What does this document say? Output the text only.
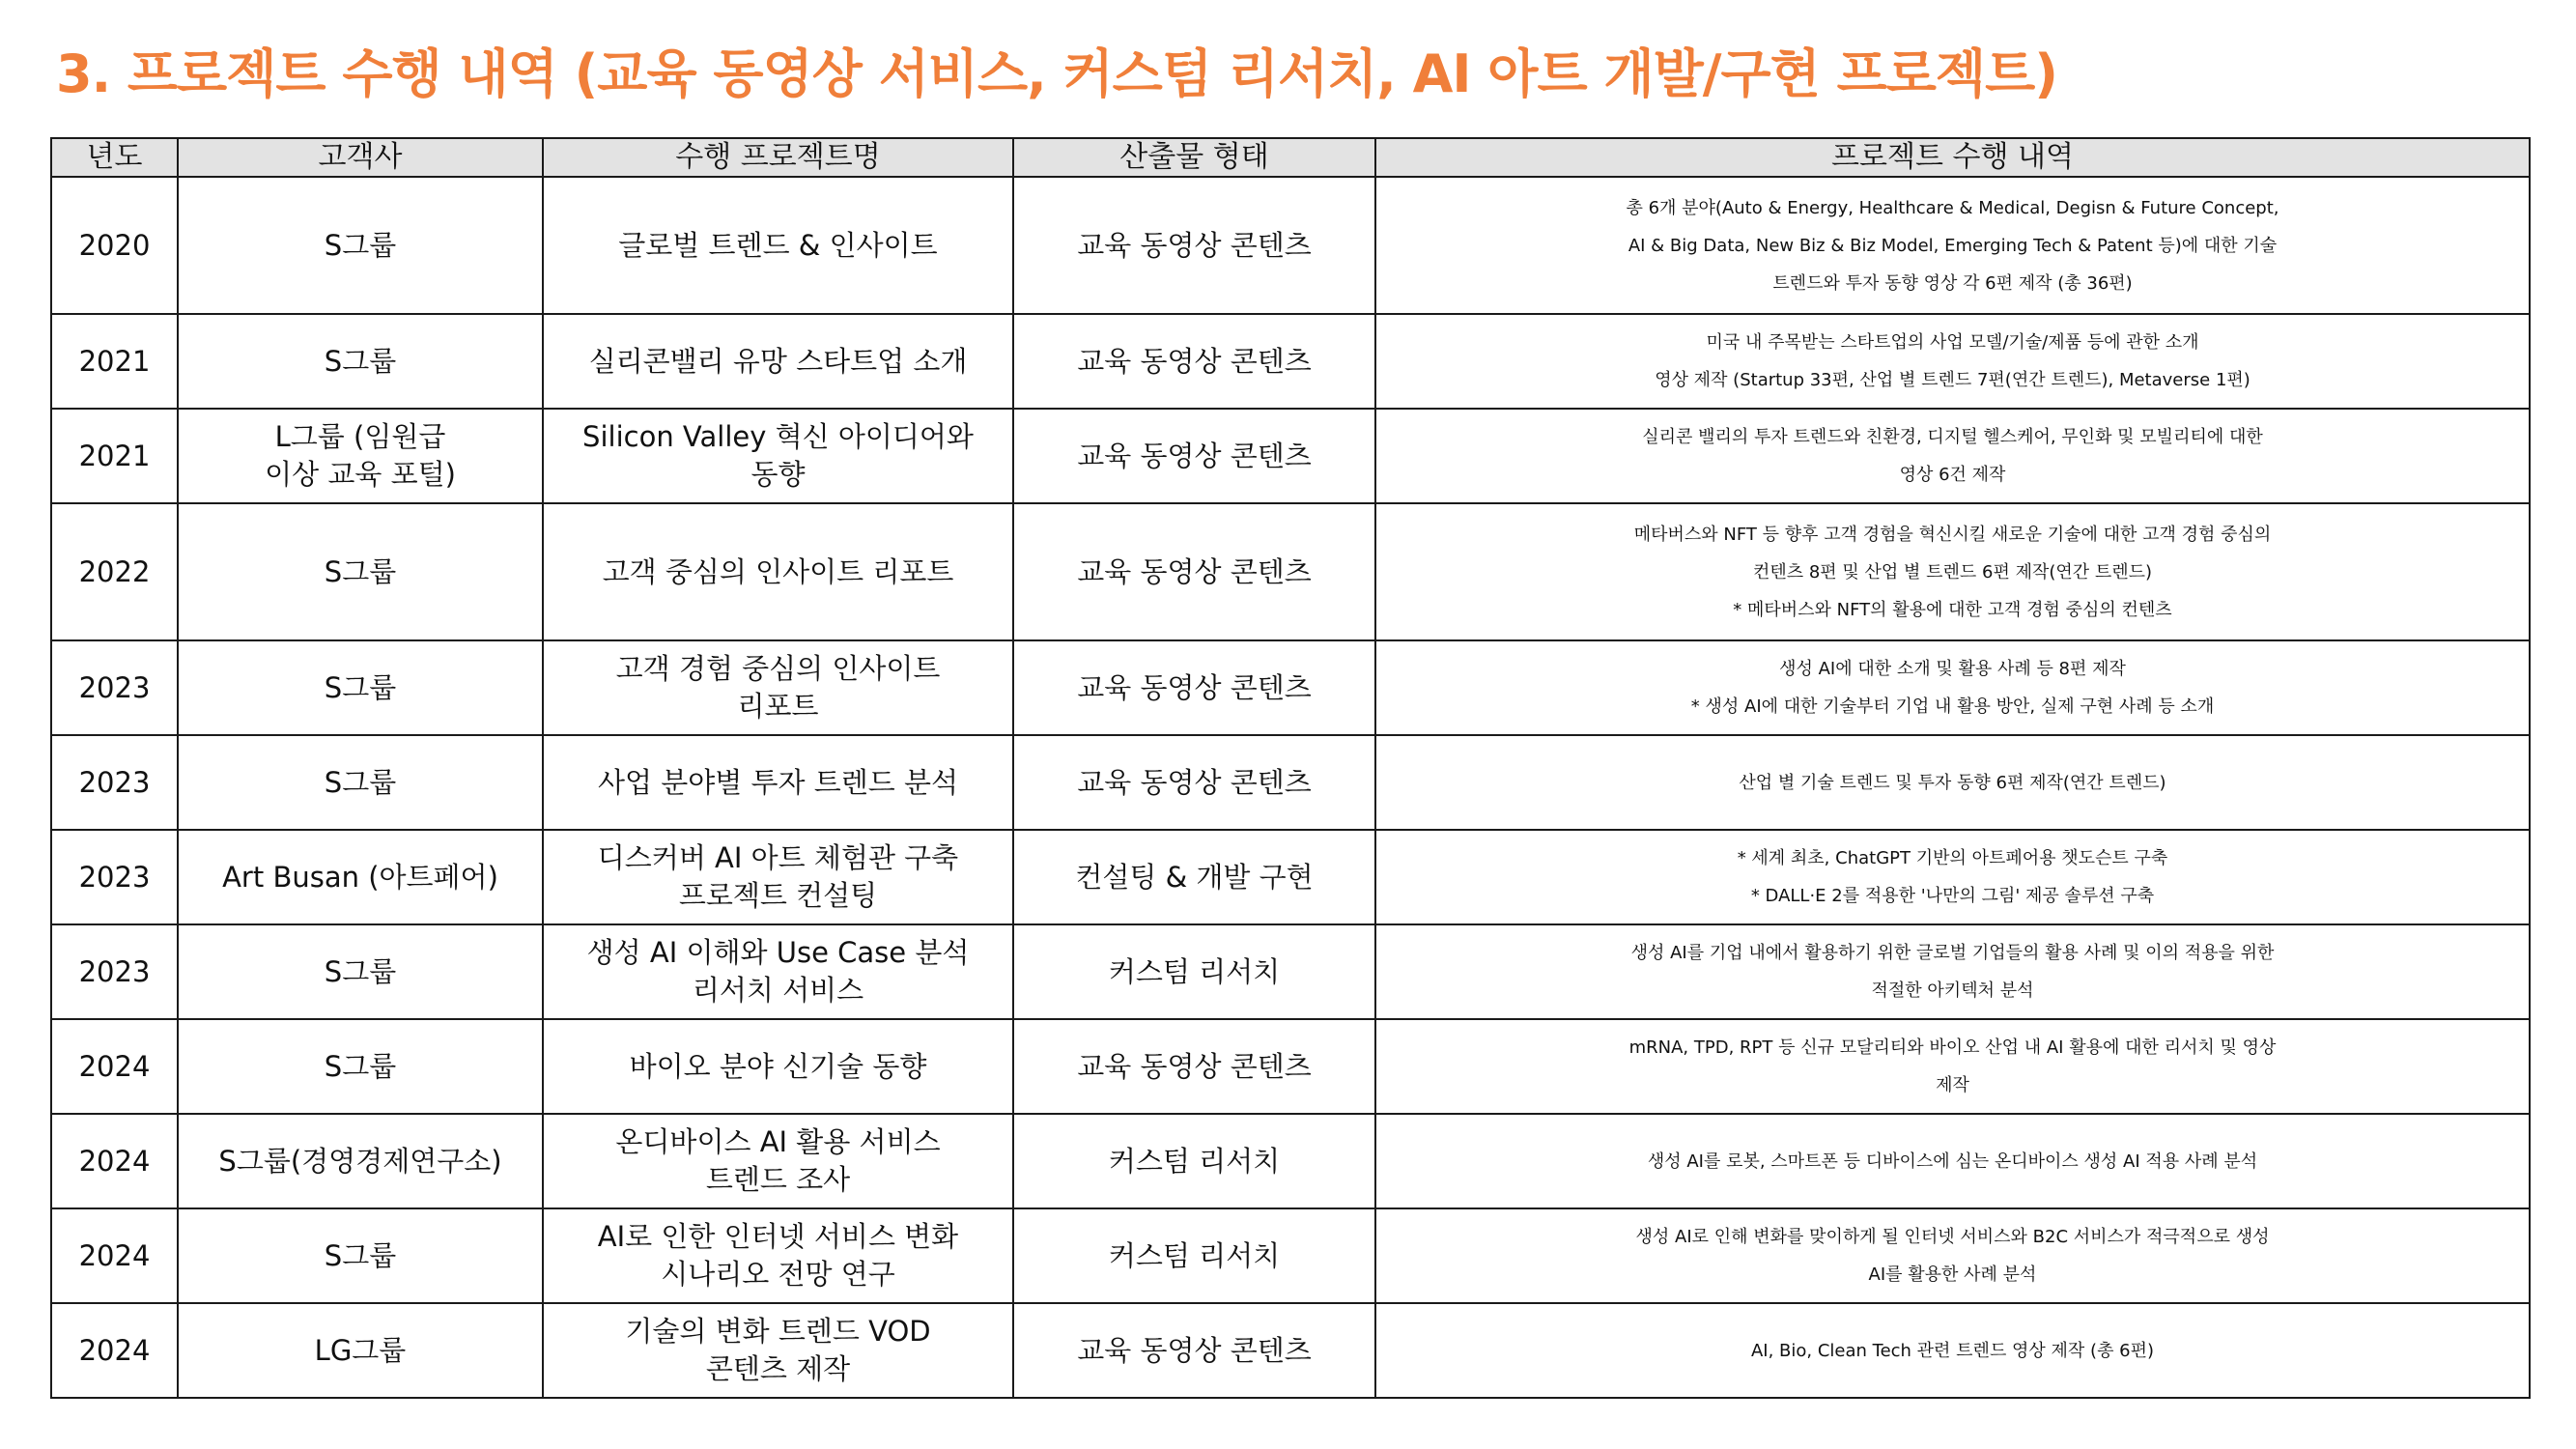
3. 프로젝트 수행 내역 (교육 동영상 서비스, 커스텀 리서치, AI 아트 개발/구현 프로젝트)
년도	고객사	수행 프로젝트명	산출물 형태	프로젝트 수행 내역
2020	S그룹	글로벌 트렌드 & 인사이트	교육 동영상 콘텐츠	총 6개 분야(Auto & Energy, Healthcare & Medical, Degisn & Future Concept,
AI & Big Data, New Biz & Biz Model, Emerging Tech & Patent 등)에 대한 기술
트렌드와 투자 동향 영상 각 6편 제작 (총 36편)

2021	S그룹	실리콘밸리 유망 스타트업 소개	교육 동영상 콘텐츠	미국 내 주목받는 스타트업의 사업 모델/기술/제품 등에 관한 소개
영상 제작 (Startup 33편, 산업 별 트렌드 7편(연간 트렌드), Metaverse 1편)

2021	L그룹 (임원급
이상 교육 포털)	Silicon Valley 혁신 아이디어와
동향	교육 동영상 콘텐츠	실리콘 밸리의 투자 트렌드와 친환경, 디지털 헬스케어, 무인화 및 모빌리티에 대한
영상 6건 제작

2022	S그룹	고객 중심의 인사이트 리포트	교육 동영상 콘텐츠	메타버스와 NFT 등 향후 고객 경험을 혁신시킬 새로운 기술에 대한 고객 경험 중심의
컨텐츠 8편 및 산업 별 트렌드 6편 제작(연간 트렌드)
* 메타버스와 NFT의 활용에 대한 고객 경험 중심의 컨텐츠

2023	S그룹	고객 경험 중심의 인사이트
리포트	교육 동영상 콘텐츠	생성 AI에 대한 소개 및 활용 사례 등 8편 제작
* 생성 AI에 대한 기술부터 기업 내 활용 방안, 실제 구현 사례 등 소개

2023	S그룹	사업 분야별 투자 트렌드 분석	교육 동영상 콘텐츠	산업 별 기술 트렌드 및 투자 동향 6편 제작(연간 트렌드)

2023	Art Busan (아트페어)	디스커버 AI 아트 체험관 구축
프로젝트 컨설팅	컨설팅 & 개발 구현	* 세계 최초, ChatGPT 기반의 아트페어용 챗도슨트 구축
* DALL·E 2를 적용한 '나만의 그림' 제공 솔루션 구축

2023	S그룹	생성 AI 이해와 Use Case 분석
리서치 서비스	커스텀 리서치	생성 AI를 기업 내에서 활용하기 위한 글로벌 기업들의 활용 사례 및 이의 적용을 위한
적절한 아키텍처 분석

2024	S그룹	바이오 분야 신기술 동향	교육 동영상 콘텐츠	mRNA, TPD, RPT 등 신규 모달리티와 바이오 산업 내 AI 활용에 대한 리서치 및 영상
제작

2024	S그룹(경영경제연구소)	온디바이스 AI 활용 서비스
트렌드 조사	커스텀 리서치	생성 AI를 로봇, 스마트폰 등 디바이스에 심는 온디바이스 생성 AI 적용 사례 분석

2024	S그룹	AI로 인한 인터넷 서비스 변화
시나리오 전망 연구	커스텀 리서치	생성 AI로 인해 변화를 맞이하게 될 인터넷 서비스와 B2C 서비스가 적극적으로 생성
AI를 활용한 사례 분석

2024	LG그룹	기술의 변화 트렌드 VOD
콘텐츠 제작	교육 동영상 콘텐츠	AI, Bio, Clean Tech 관련 트렌드 영상 제작 (총 6편)
